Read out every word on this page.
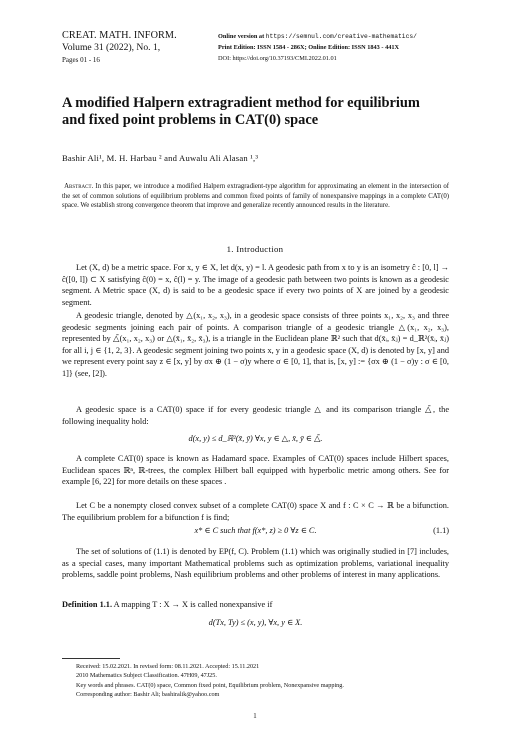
CREAT. MATH. INFORM.
Volume 31 (2022), No. 1,
Pages 01 - 16
Online version at https://semnul.com/creative-mathematics/
Print Edition: ISSN 1584 - 286X; Online Edition: ISSN 1843 - 441X
DOI: https://doi.org/10.37193/CMI.2022.01.01
A modified Halpern extragradient method for equilibrium
and fixed point problems in CAT(0) space
Bashir Ali¹, M. H. Harbau ² and Auwalu Ali Alasan ¹,³
Abstract. In this paper, we introduce a modified Halpern extragradient-type algorithm for approximating an element in the intersection of the set of common solutions of equilibrium problems and common fixed points of family of nonexpansive mappings in a complete CAT(0) space. We establish strong convergence theorem that improve and generalize recently announced results in the literature.
1. Introduction

Let (X, d) be a metric space. For x, y ∈ X, let d(x, y) = l. A geodesic path from x to y is an isometry ĉ : [0, l] → ĉ([0, l]) ⊂ X satisfying ĉ(0) = x, ĉ(l) = y. The image of a geodesic path between two points is known as a geodesic segment. A Metric space (X, d) is said to be a geodesic space if every two points of X are joined by a geodesic segment.

A geodesic triangle, denoted by △(x₁, x₂, x₃), in a geodesic space consists of three points x₁, x₂, x₃ and three geodesic segments joining each pair of points. A comparison triangle of a geodesic triangle △(x₁, x₂, x₃), represented by △̄(x₁, x₂, x₃) or △(x̄₁, x̄₂, x̄₃), is a triangle in the Euclidean plane ℝ² such that d(x̄ᵢ, x̄ⱼ) = d_ℝ²(x̄ᵢ, x̄ⱼ) for all i, j ∈ {1, 2, 3}. A geodesic segment joining two points x, y in a geodesic space (X, d) is denoted by [x, y] and we represent every point say z ∈ [x, y] by σx ⊕ (1 − σ)y where σ ∈ [0, 1], that is, [x, y] := {σx ⊕ (1 − σ)y : σ ∈ [0, 1]} (see, [2]).

A geodesic space is a CAT(0) space if for every geodesic triangle △ and its comparison triangle △̄, the following inequality hold:

d(x, y) ≤ d_ℝ²(x̄, ȳ) ∀x, y ∈ △, x̄, ȳ ∈ △̄.

A complete CAT(0) space is known as Hadamard space. Examples of CAT(0) spaces include Hilbert spaces, Euclidean spaces ℝⁿ, ℝ-trees, the complex Hilbert ball equipped with hyperbolic metric among others. See for example [6, 22] for more details on these spaces .

Let C be a nonempty closed convex subset of a complete CAT(0) space X and f : C × C → ℝ be a bifunction. The equilibrium problem for a bifunction f is find;

x* ∈ C such that f(x*, z) ≥ 0 ∀z ∈ C.	(1.1)

The set of solutions of (1.1) is denoted by EP(f, C). Problem (1.1) which was originally studied in [7] includes, as a special cases, many important Mathematical problems such as optimization problems, variational inequality problems, saddle point problems, Nash equilibrium problems and other problems of interest in many applications.

Definition 1.1. A mapping T : X → X is called nonexpansive if
d(Tx, Ty) ≤ (x, y), ∀x, y ∈ X.
Received: 15.02.2021. In revised form: 08.11.2021. Accepted: 15.11.2021
2010 Mathematics Subject Classification. 47H09, 47J25.
Key words and phrases. CAT(0) space, Common fixed point, Equilibrium problem, Nonexpansive mapping.
Corresponding author: Bashir Ali; bashiralik@yahoo.com
1
